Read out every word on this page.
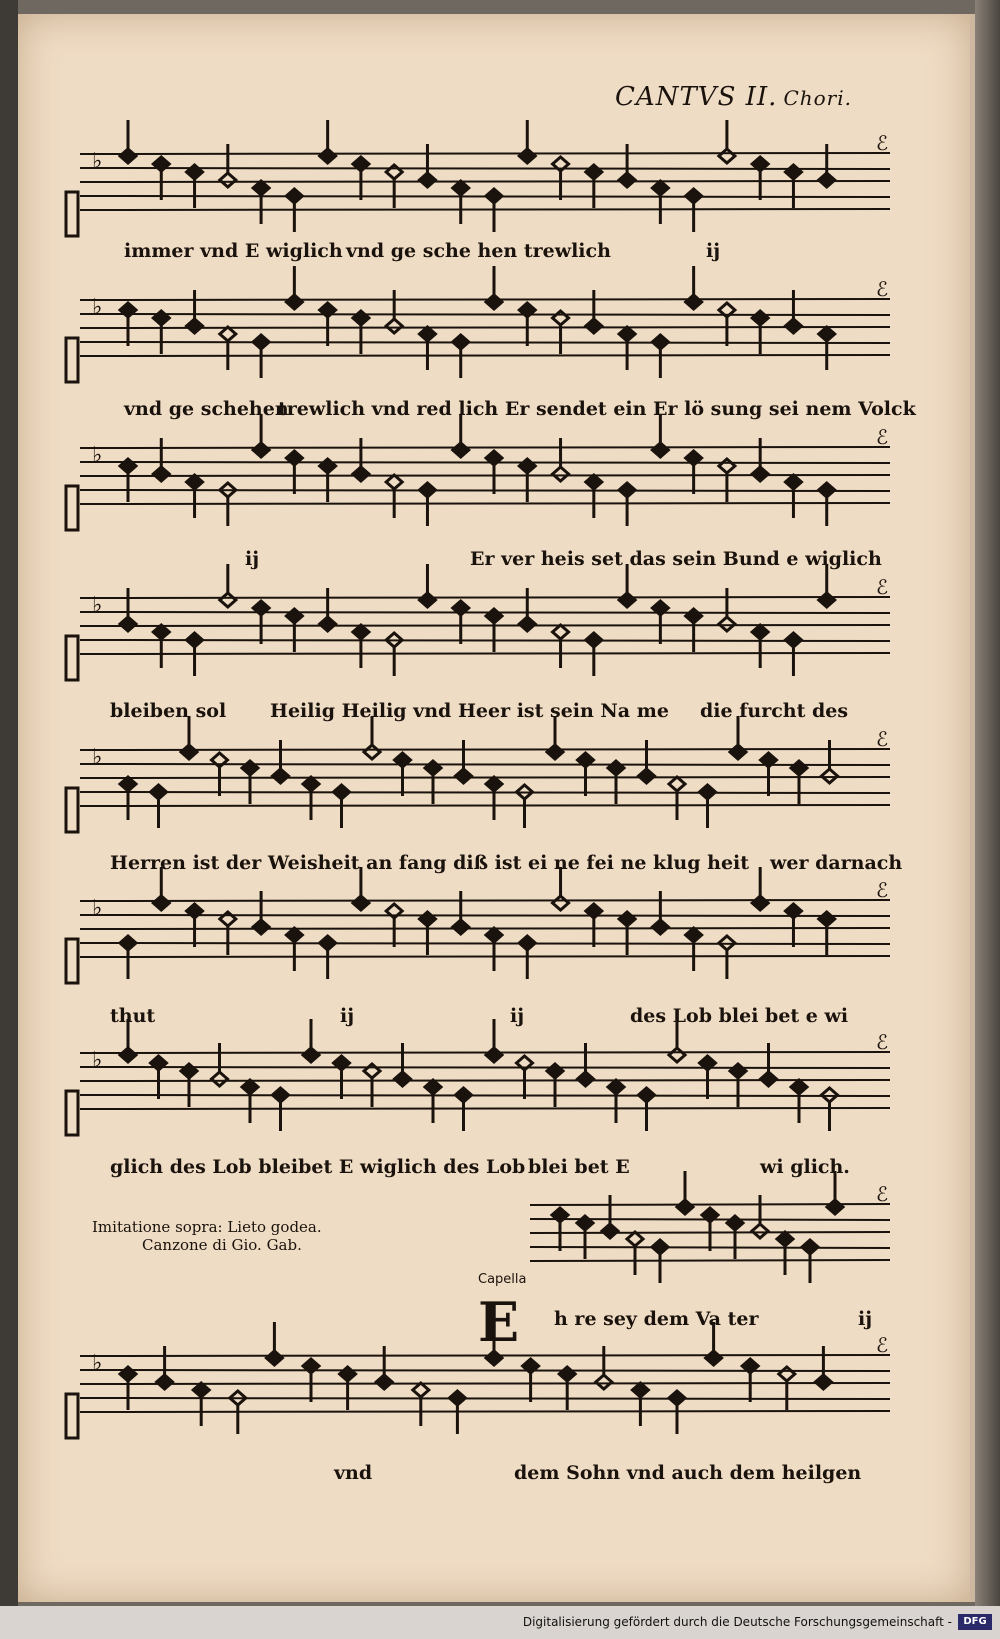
CANTVS II. Chori.
♭
ℰ
♭
ℰ
♭
ℰ
♭
ℰ
♭
ℰ
♭
ℰ
♭
ℰ
ℰ
♭
ℰ
immer vnd E wiglich vnd ge sche hen trewlich	ij
vnd ge schehen
trewlich vnd red lich Er sendet ein Er lö sung sei nem Volck
ij	Er ver heis set das sein Bund e wiglich
bleiben sol Heilig Heilig vnd Heer ist sein Na me die furcht des
Herren ist der Weisheit an fang diß ist ei ne fei ne klug heit wer darnach
thut	ij	ij	des Lob blei bet e wi
glich des Lob bleibet E wiglich des Lob blei bet E	wi glich.
vnd	dem Sohn vnd auch dem heilgen
Imitatione sopra: Lieto godea.
Canzone di Gio. Gab.
Capella
E h re sey dem Va ter	ij
Digitalisierung gefördert durch die Deutsche Forschungsgemeinschaft -	DFG
